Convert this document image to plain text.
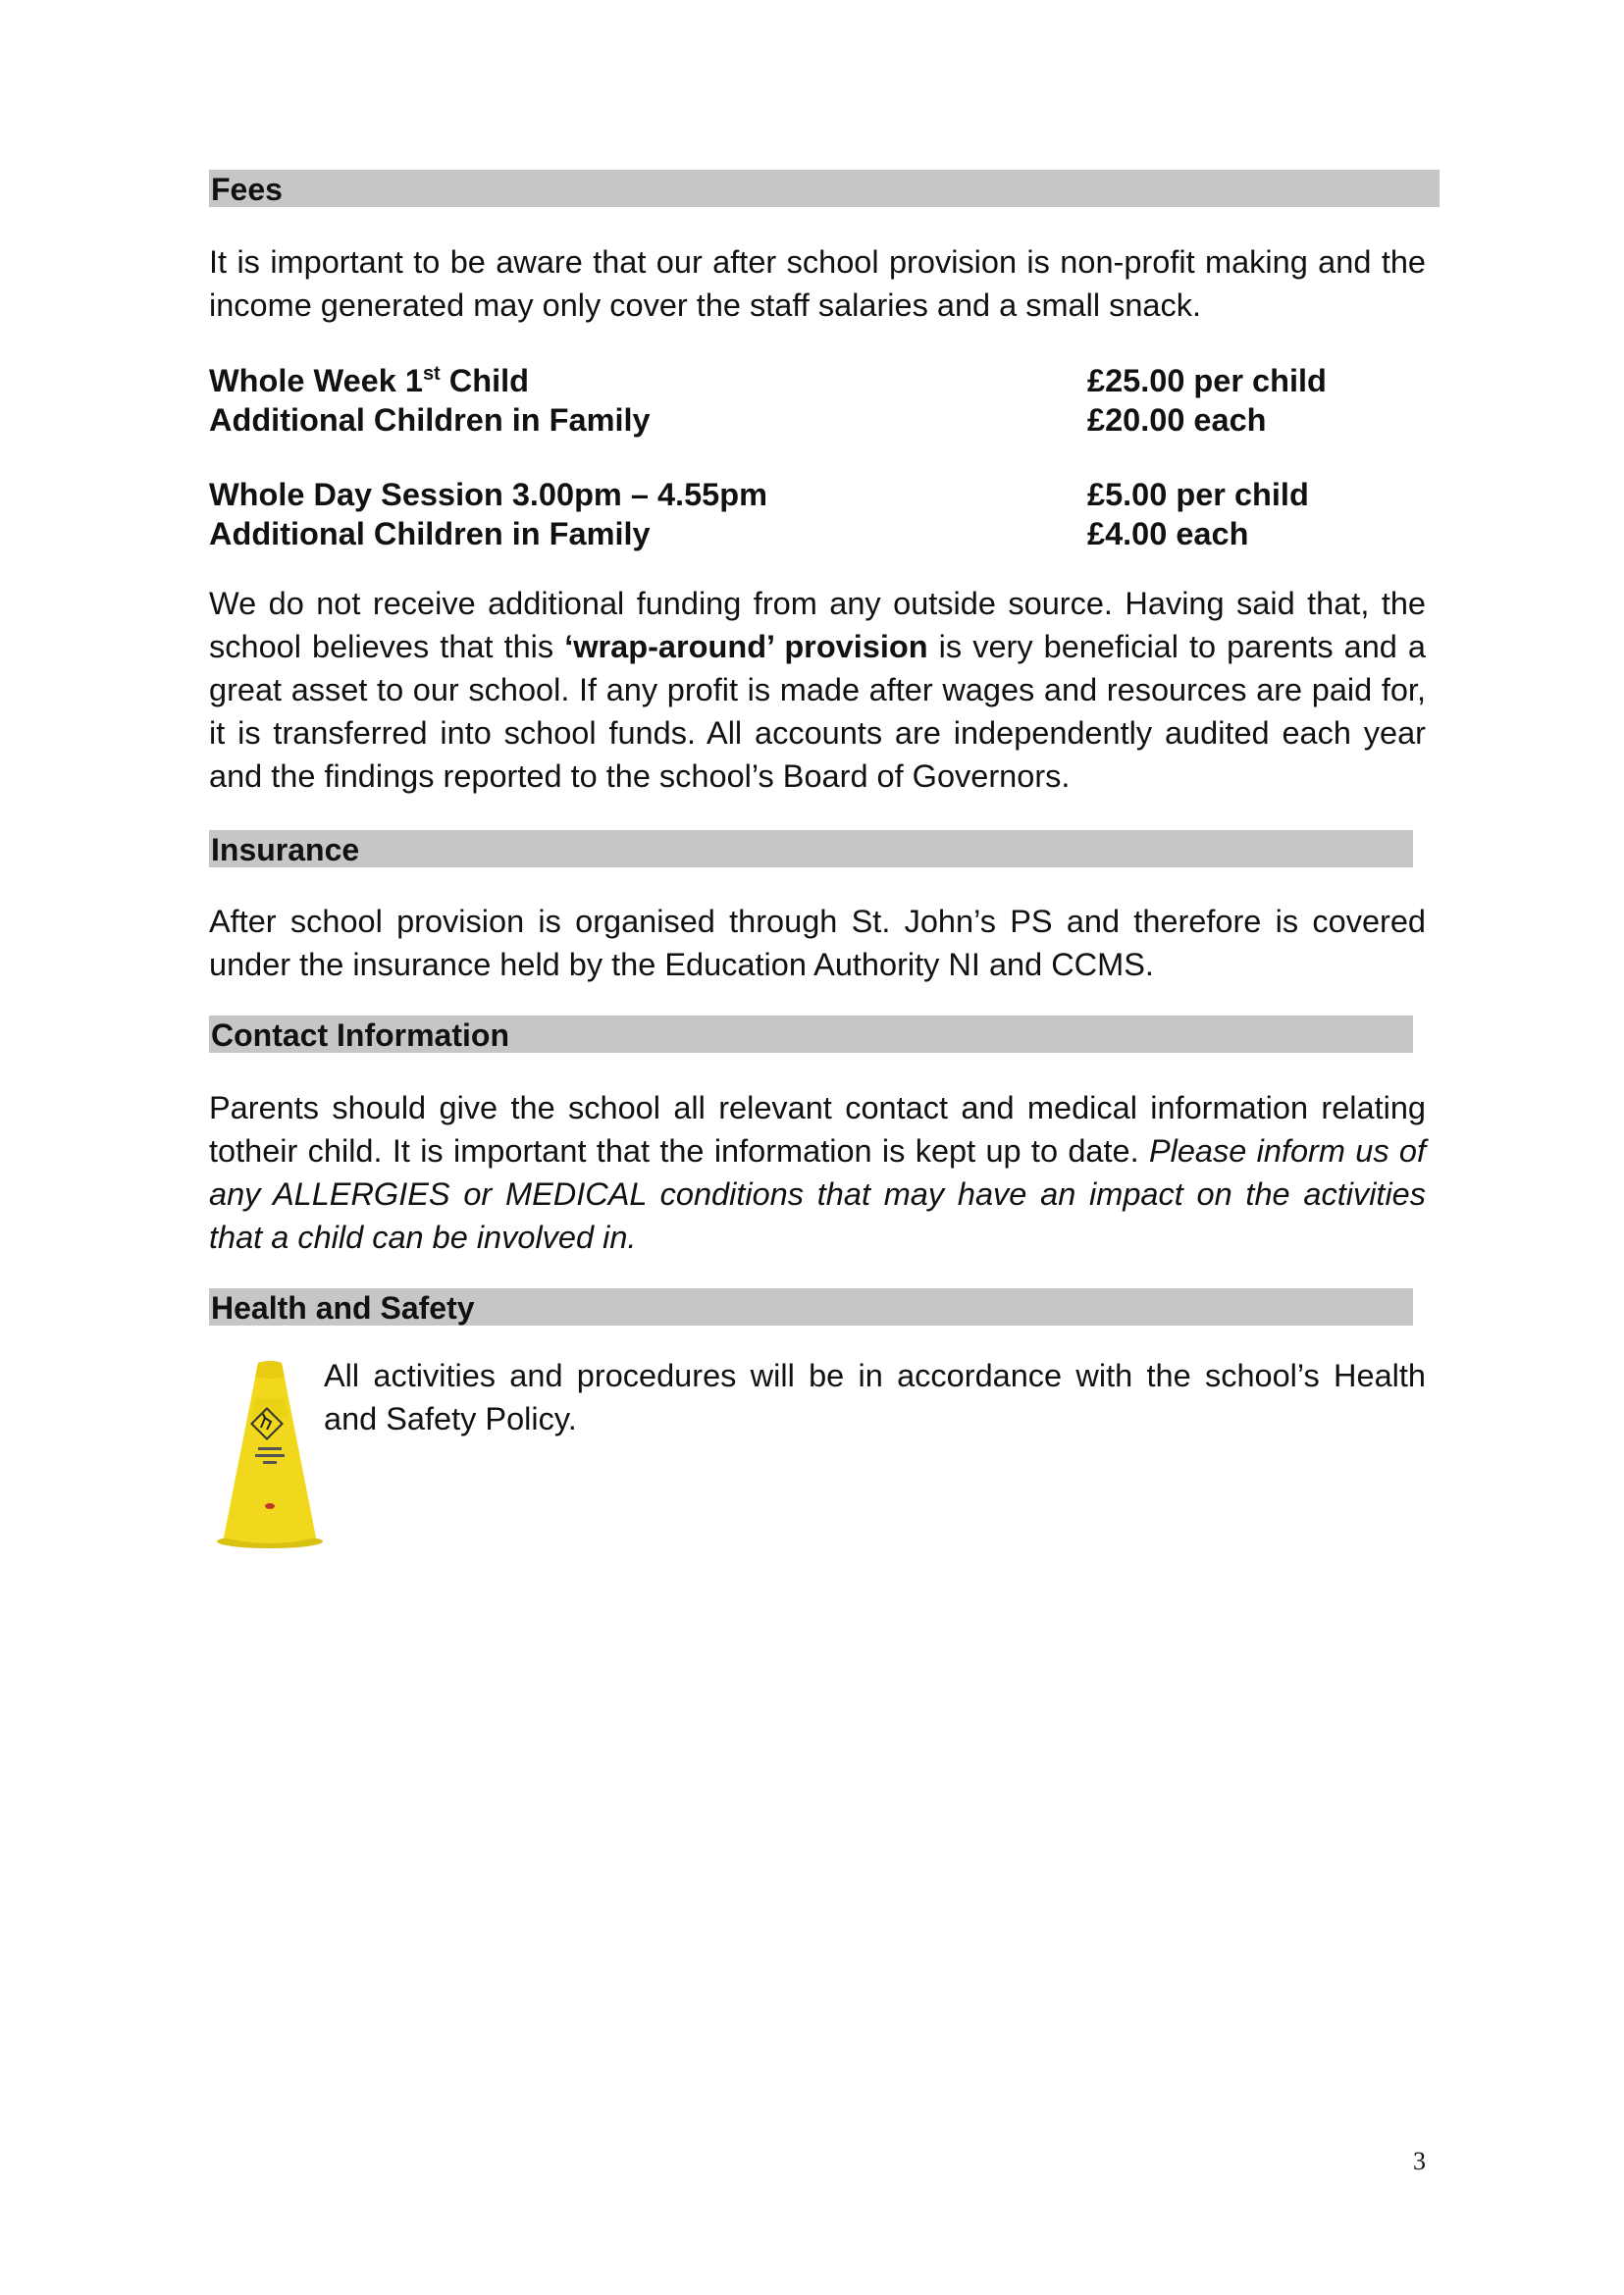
Fees
It is important to be aware that our after school provision is non-profit making and the income generated may only cover the staff salaries and a small snack.
Whole Week 1st Child	£25.00 per child
Additional Children in Family	£20.00 each
Whole Day Session 3.00pm – 4.55pm	£5.00 per child
Additional Children in Family	£4.00 each
We do not receive additional funding from any outside source. Having said that, the school believes that this ‘wrap-around’ provision is very beneficial to parents and a great asset to our school. If any profit is made after wages and resources are paid for, it is transferred into school funds. All accounts are independently audited each year and the findings reported to the school’s Board of Governors.
Insurance
After school provision is organised through St. John’s PS and therefore is covered under the insurance held by the Education Authority NI and CCMS.
Contact Information
Parents should give the school all relevant contact and medical information relating totheir child. It is important that the information is kept up to date. Please inform us of any ALLERGIES or MEDICAL conditions that may have an impact on the activities that a child can be involved in.
Health and Safety
All activities and procedures will be in accordance with the school’s Health and Safety Policy.
3
